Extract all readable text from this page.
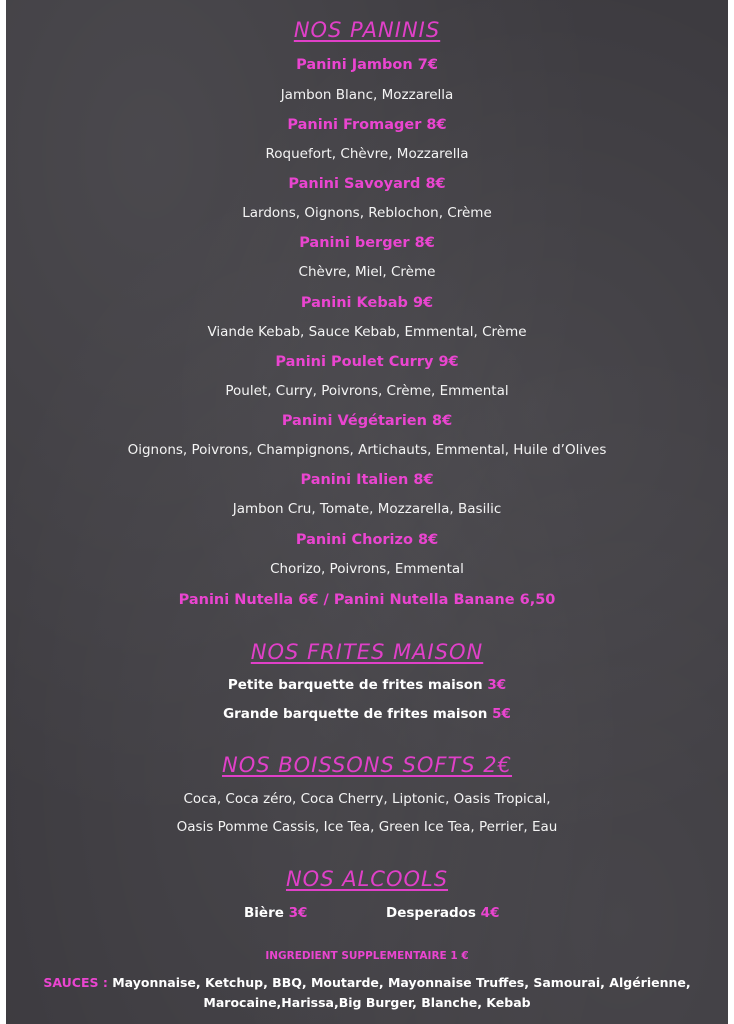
NOS PANINIS
Panini Jambon 7€
Jambon Blanc, Mozzarella
Panini Fromager 8€
Roquefort, Chèvre, Mozzarella
Panini Savoyard 8€
Lardons, Oignons, Reblochon, Crème
Panini berger 8€
Chèvre, Miel, Crème
Panini Kebab 9€
Viande Kebab, Sauce Kebab, Emmental, Crème
Panini Poulet Curry 9€
Poulet, Curry, Poivrons, Crème, Emmental
Panini Végétarien 8€
Oignons, Poivrons, Champignons, Artichauts, Emmental, Huile d’Olives
Panini Italien 8€
Jambon Cru, Tomate, Mozzarella, Basilic
Panini Chorizo 8€
Chorizo, Poivrons, Emmental
Panini Nutella 6€ / Panini Nutella Banane 6,50
NOS FRITES MAISON
Petite barquette de frites maison 3€
Grande barquette de frites maison 5€
NOS BOISSONS SOFTS 2€
Coca, Coca zéro, Coca Cherry, Liptonic, Oasis Tropical,
Oasis Pomme Cassis, Ice Tea, Green Ice Tea, Perrier, Eau
NOS ALCOOLS
Bière 3€	Desperados 4€
INGREDIENT SUPPLEMENTAIRE 1 €
SAUCES : Mayonnaise, Ketchup, BBQ, Moutarde, Mayonnaise Truffes, Samourai, Algérienne,
Marocaine,Harissa,Big Burger, Blanche, Kebab
